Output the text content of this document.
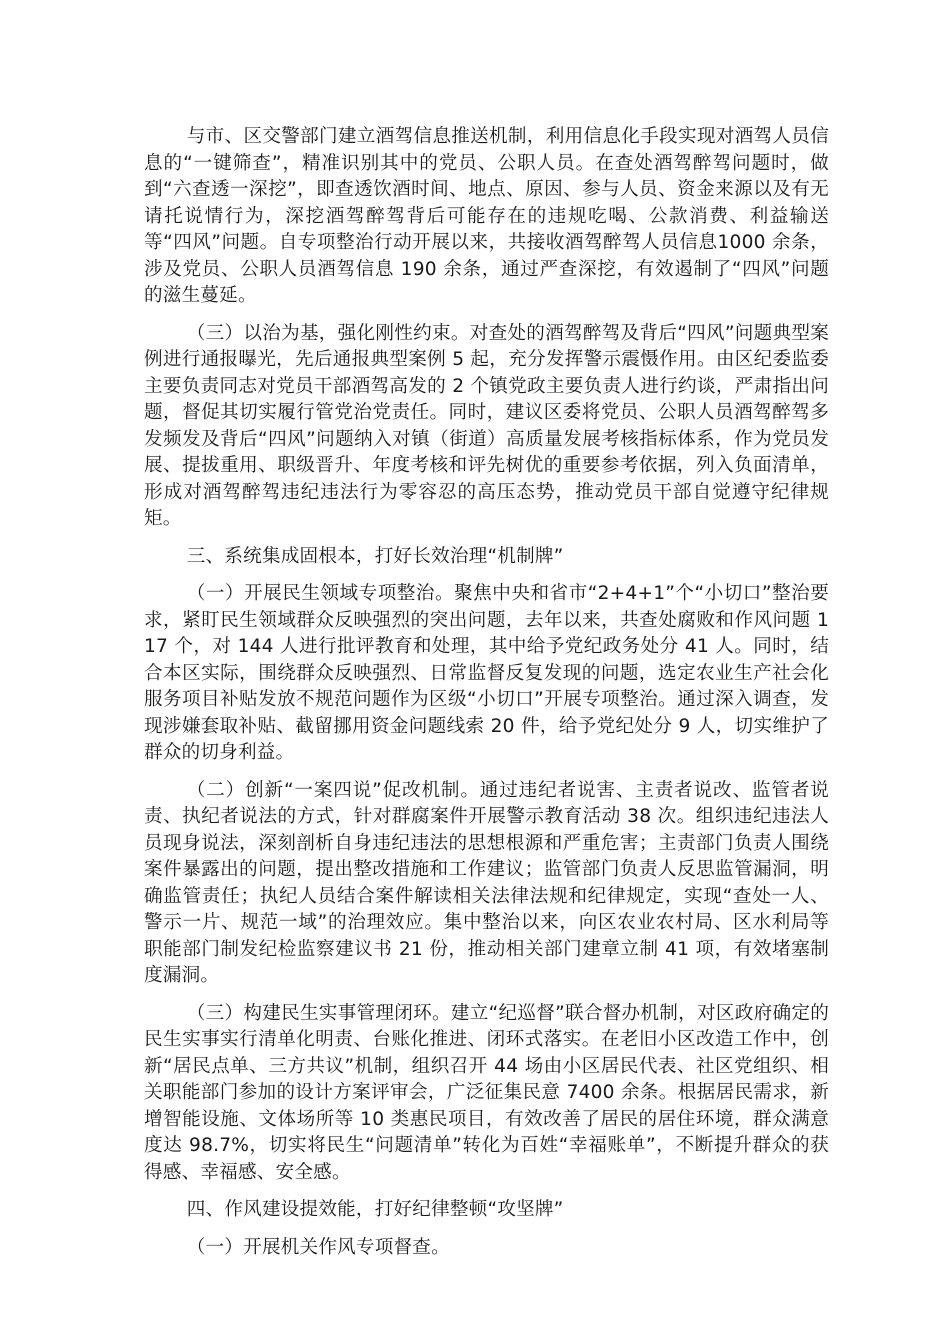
与市、区交警部门建立酒驾信息推送机制，利用信息化手段实现对酒驾人员信息的“一键筛查”，精准识别其中的党员、公职人员。在查处酒驾醉驾问题时，做到“六查透一深挖”，即查透饮酒时间、地点、原因、参与人员、资金来源以及有无请托说情行为，深挖酒驾醉驾背后可能存在的违规吃喝、公款消费、利益输送等“四风”问题。自专项整治行动开展以来，共接收酒驾醉驾人员信息1000 余条，涉及党员、公职人员酒驾信息 190 余条，通过严查深挖，有效遏制了“四风”问题的滋生蔓延。

（三）以治为基，强化刚性约束。对查处的酒驾醉驾及背后“四风”问题典型案例进行通报曝光，先后通报典型案例 5 起，充分发挥警示震慑作用。由区纪委监委主要负责同志对党员干部酒驾高发的 2 个镇党政主要负责人进行约谈，严肃指出问题，督促其切实履行管党治党责任。同时，建议区委将党员、公职人员酒驾醉驾多发频发及背后“四风”问题纳入对镇（街道）高质量发展考核指标体系，作为党员发展、提拔重用、职级晋升、年度考核和评先树优的重要参考依据，列入负面清单，形成对酒驾醉驾违纪违法行为零容忍的高压态势，推动党员干部自觉遵守纪律规矩。

三、系统集成固根本，打好长效治理“机制牌”

（一）开展民生领域专项整治。聚焦中央和省市“2+4+1”个“小切口”整治要求，紧盯民生领域群众反映强烈的突出问题，去年以来，共查处腐败和作风问题 117 个，对 144 人进行批评教育和处理，其中给予党纪政务处分 41 人。同时，结合本区实际，围绕群众反映强烈、日常监督反复发现的问题，选定农业生产社会化服务项目补贴发放不规范问题作为区级“小切口”开展专项整治。通过深入调查，发现涉嫌套取补贴、截留挪用资金问题线索 20 件，给予党纪处分 9 人，切实维护了群众的切身利益。

（二）创新“一案四说”促改机制。通过违纪者说害、主责者说改、监管者说责、执纪者说法的方式，针对群腐案件开展警示教育活动 38 次。组织违纪违法人员现身说法，深刻剖析自身违纪违法的思想根源和严重危害；主责部门负责人围绕案件暴露出的问题，提出整改措施和工作建议；监管部门负责人反思监管漏洞，明确监管责任；执纪人员结合案件解读相关法律法规和纪律规定，实现“查处一人、警示一片、规范一域”的治理效应。集中整治以来，向区农业农村局、区水利局等职能部门制发纪检监察建议书 21 份，推动相关部门建章立制 41 项，有效堵塞制度漏洞。

（三）构建民生实事管理闭环。建立“纪巡督”联合督办机制，对区政府确定的民生实事实行清单化明责、台账化推进、闭环式落实。在老旧小区改造工作中，创新“居民点单、三方共议”机制，组织召开 44 场由小区居民代表、社区党组织、相关职能部门参加的设计方案评审会，广泛征集民意 7400 余条。根据居民需求，新增智能设施、文体场所等 10 类惠民项目，有效改善了居民的居住环境，群众满意度达 98.7%，切实将民生“问题清单”转化为百姓“幸福账单”，不断提升群众的获得感、幸福感、安全感。

四、作风建设提效能，打好纪律整顿“攻坚牌”

（一）开展机关作风专项督查。
